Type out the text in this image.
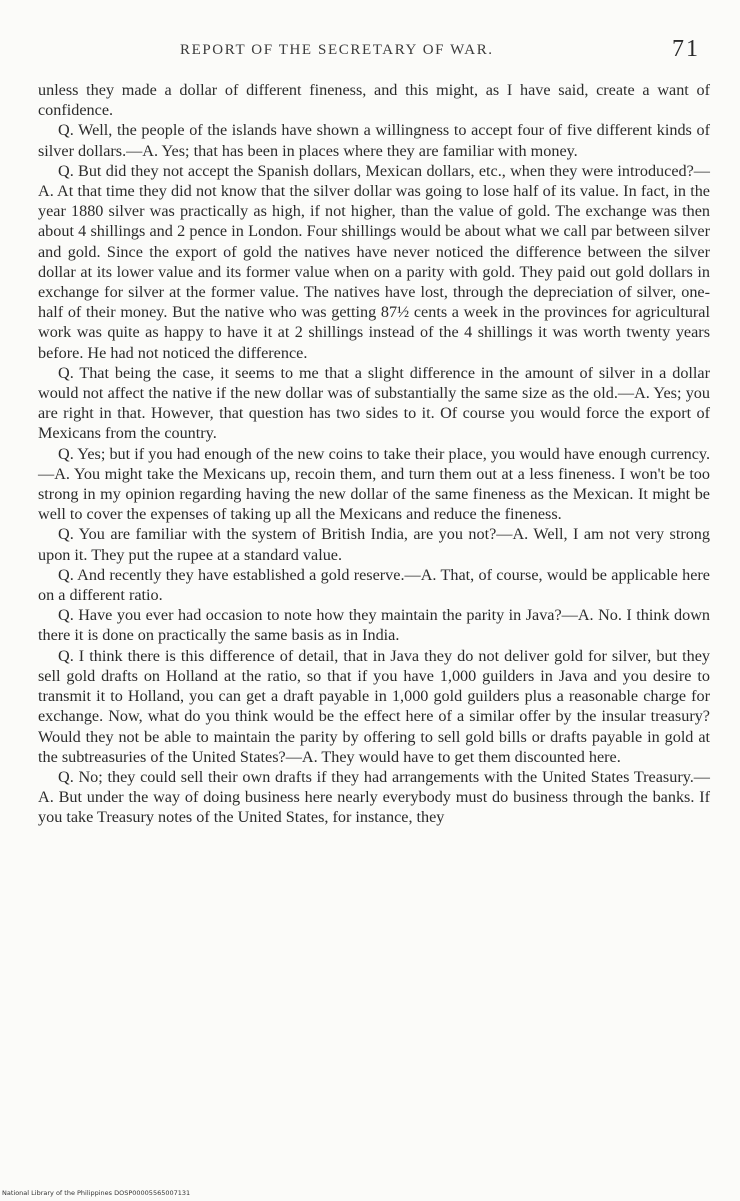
REPORT OF THE SECRETARY OF WAR.	71

unless they made a dollar of different fineness, and this might, as I have said, create a want of confidence.

Q. Well, the people of the islands have shown a willingness to accept four of five different kinds of silver dollars.—A. Yes; that has been in places where they are familiar with money.

Q. But did they not accept the Spanish dollars, Mexican dollars, etc., when they were introduced?—A. At that time they did not know that the silver dollar was going to lose half of its value. In fact, in the year 1880 silver was practically as high, if not higher, than the value of gold. The exchange was then about 4 shillings and 2 pence in London. Four shillings would be about what we call par between silver and gold. Since the export of gold the natives have never noticed the difference between the silver dollar at its lower value and its former value when on a parity with gold. They paid out gold dollars in exchange for silver at the former value. The natives have lost, through the depreciation of silver, one-half of their money. But the native who was getting 87½ cents a week in the provinces for agricultural work was quite as happy to have it at 2 shillings instead of the 4 shillings it was worth twenty years before. He had not noticed the difference.

Q. That being the case, it seems to me that a slight difference in the amount of silver in a dollar would not affect the native if the new dollar was of substantially the same size as the old.—A. Yes; you are right in that. However, that question has two sides to it. Of course you would force the export of Mexicans from the country.

Q. Yes; but if you had enough of the new coins to take their place, you would have enough currency.—A. You might take the Mexicans up, recoin them, and turn them out at a less fineness. I won't be too strong in my opinion regarding having the new dollar of the same fineness as the Mexican. It might be well to cover the expenses of taking up all the Mexicans and reduce the fineness.

Q. You are familiar with the system of British India, are you not?—A. Well, I am not very strong upon it. They put the rupee at a standard value.

Q. And recently they have established a gold reserve.—A. That, of course, would be applicable here on a different ratio.

Q. Have you ever had occasion to note how they maintain the parity in Java?—A. No. I think down there it is done on practically the same basis as in India.

Q. I think there is this difference of detail, that in Java they do not deliver gold for silver, but they sell gold drafts on Holland at the ratio, so that if you have 1,000 guilders in Java and you desire to transmit it to Holland, you can get a draft payable in 1,000 gold guilders plus a reasonable charge for exchange. Now, what do you think would be the effect here of a similar offer by the insular treasury? Would they not be able to maintain the parity by offering to sell gold bills or drafts payable in gold at the subtreasuries of the United States?—A. They would have to get them discounted here.

Q. No; they could sell their own drafts if they had arrangements with the United States Treasury.—A. But under the way of doing business here nearly everybody must do business through the banks. If you take Treasury notes of the United States, for instance, they

National Library of the Philippines DOSP00005565007131
